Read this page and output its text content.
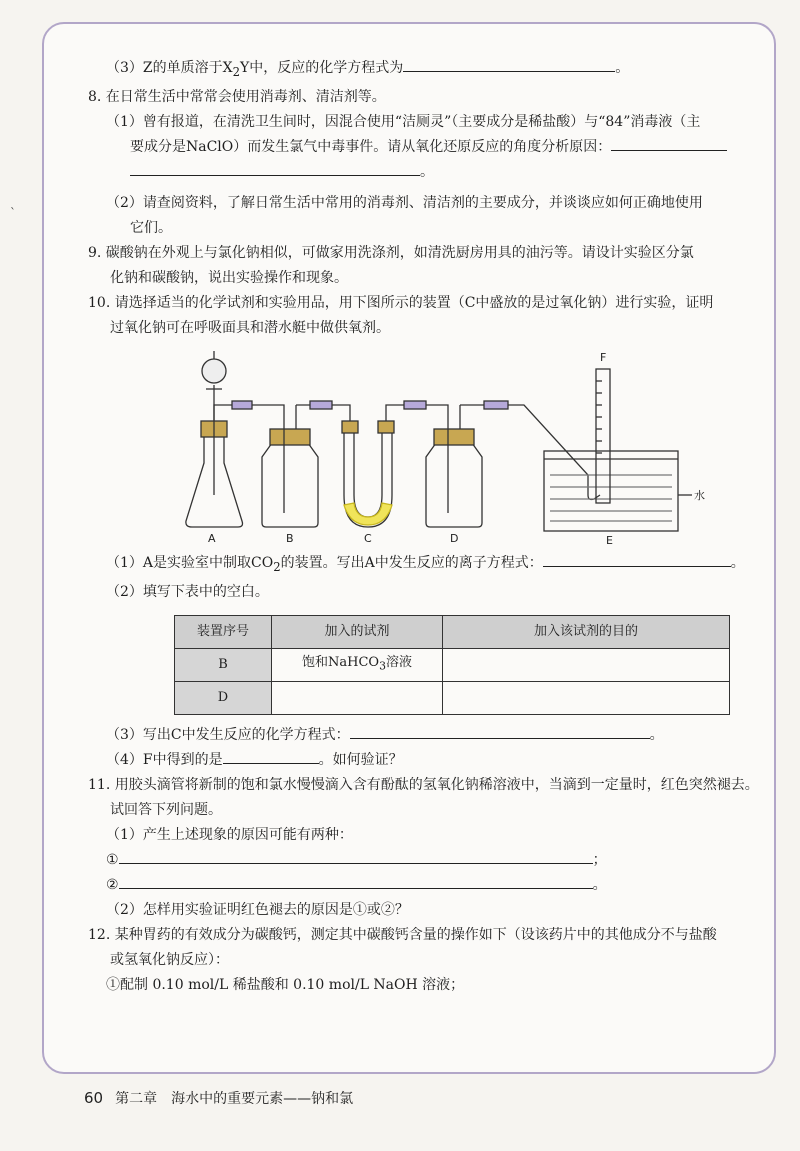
`
（3）Z的单质溶于$X_2Y$中，反应的化学方程式为	。
8. 在日常生活中常常会使用消毒剂、清洁剂等。
（1）曾有报道，在清洗卫生间时，因混合使用“洁厕灵”（主要成分是稀盐酸）与“84”消毒液（主
要成分是NaClO）而发生氯气中毒事件。请从氧化还原反应的角度分析原因：
。
（2）请查阅资料，了解日常生活中常用的消毒剂、清洁剂的主要成分，并谈谈应如何正确地使用
它们。
9. 碳酸钠在外观上与氯化钠相似，可做家用洗涤剂，如清洗厨房用具的油污等。请设计实验区分氯
化钠和碳酸钠，说出实验操作和现象。
10. 请选择适当的化学试剂和实验用品，用下图所示的装置（C中盛放的是过氧化钠）进行实验，证明
过氧化钠可在呼吸面具和潜水艇中做供氧剂。
A	B	C	D	E
F
水
（1）A是实验室中制取$CO_2$的装置。写出A中发生反应的离子方程式：	。
（2）填写下表中的空白。
装置序号	加入的试剂	加入该试剂的目的
B	饱和NaHCO$_3$溶液	
D		
（3）写出C中发生反应的化学方程式：	。
（4）F中得到的是	。如何验证？
11. 用胶头滴管将新制的饱和氯水慢慢滴入含有酚酞的氢氧化钠稀溶液中，当滴到一定量时，红色突然褪去。
试回答下列问题。
（1）产生上述现象的原因可能有两种：
①	；
②	。
（2）怎样用实验证明红色褪去的原因是①或②？
12. 某种胃药的有效成分为碳酸钙，测定其中碳酸钙含量的操作如下（设该药片中的其他成分不与盐酸
或氢氧化钠反应）：
①配制 0.10 mol/L 稀盐酸和 0.10 mol/L NaOH 溶液；
60 第二章　海水中的重要元素——钠和氯
